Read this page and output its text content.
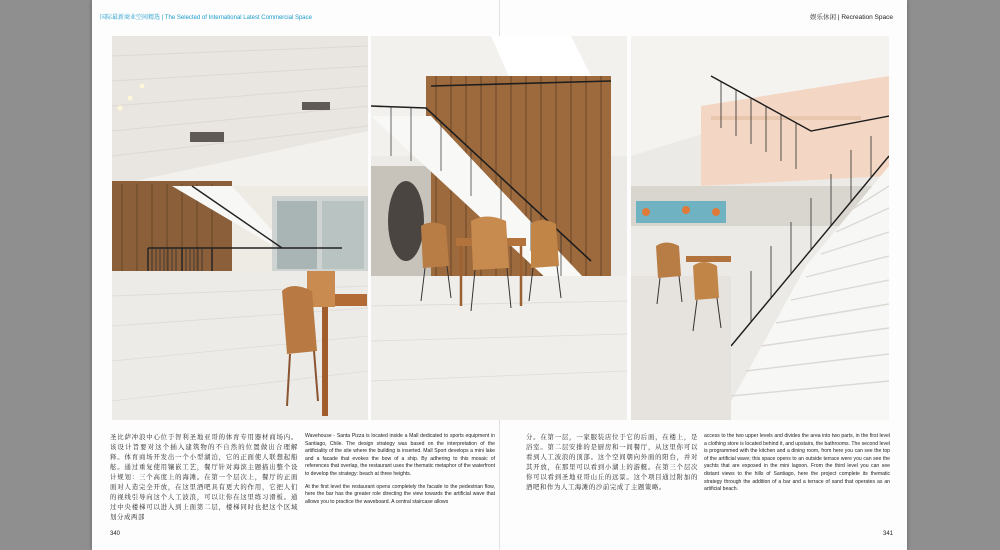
国际最新商业空间精选 | The Selected of International Latest Commercial Space	娱乐休闲 | Recreation Space

圣比萨冲浪中心位于智利圣地亚哥的体育专用器材商场内。该设计旨要对这个插入建筑物的不自然的位置做出合理解释。体育商场开发出一个小型湖泊，它的正面使人联想起船舷。通过重复使用镶嵌工艺，餐厅针对海滨主题描出整个设计规划：三个高度上的海滩。在第一个层次上，餐厅的正面面对人造完全开放，在这里酒吧具有更大的作用，它把人们的视线引导向这个人工波浪，可以让你在这里练习滑板。通过中央楼梯可以进入到上面第二层，楼梯同时也把这个区域划分成两部

Wavehouse - Santa Pizza is located inside a Mall dedicated to sports equipment in Santiago, Chile. The design strategy was based on the interpretation of the artificiality of the site where the building is inserted. Mall Sport develops a mini lake and a facade that evokes the bow of a ship. By adhering to this mosaic of references that overlap, the restaurant uses the thematic metaphor of the waterfront to develop the strategy: beach at three heights.

At the first level the restaurant opens completely the facade to the pedestrian flow, here the bar has the greater role directing the view towards the artificial wave that allows you to practice the waveboard. A central staircase allows

分。在第一层，一家服装店位于它的后面，在楼上，是浴室。第二层安排的是厨房和一间餐厅，从这里你可以看到人工波浪的顶部。这个空间朝向外面的阳台，并对其开放，在那里可以看到小湖上的游艇。在第三个层次你可以看到圣地亚哥山丘的远景。这个项目通过附加的酒吧和作为人工海滩的沙前完成了主题策略。

access to the two upper levels and divides the area into two parts, in the first level a clothing store is located behind it, and upstairs, the bathrooms. The second level is programmed with the kitchen and a dining room, from here you can see the top of the artificial wave; this space opens to an outside terrace were you can see the yachts that are exposed in the mini lagoon. From the third level you can see distant views to the hills of Santiago, here the project complete its thematic strategy through the addition of a bar and a terrace of sand that operates as an artificial beach.

340	341
